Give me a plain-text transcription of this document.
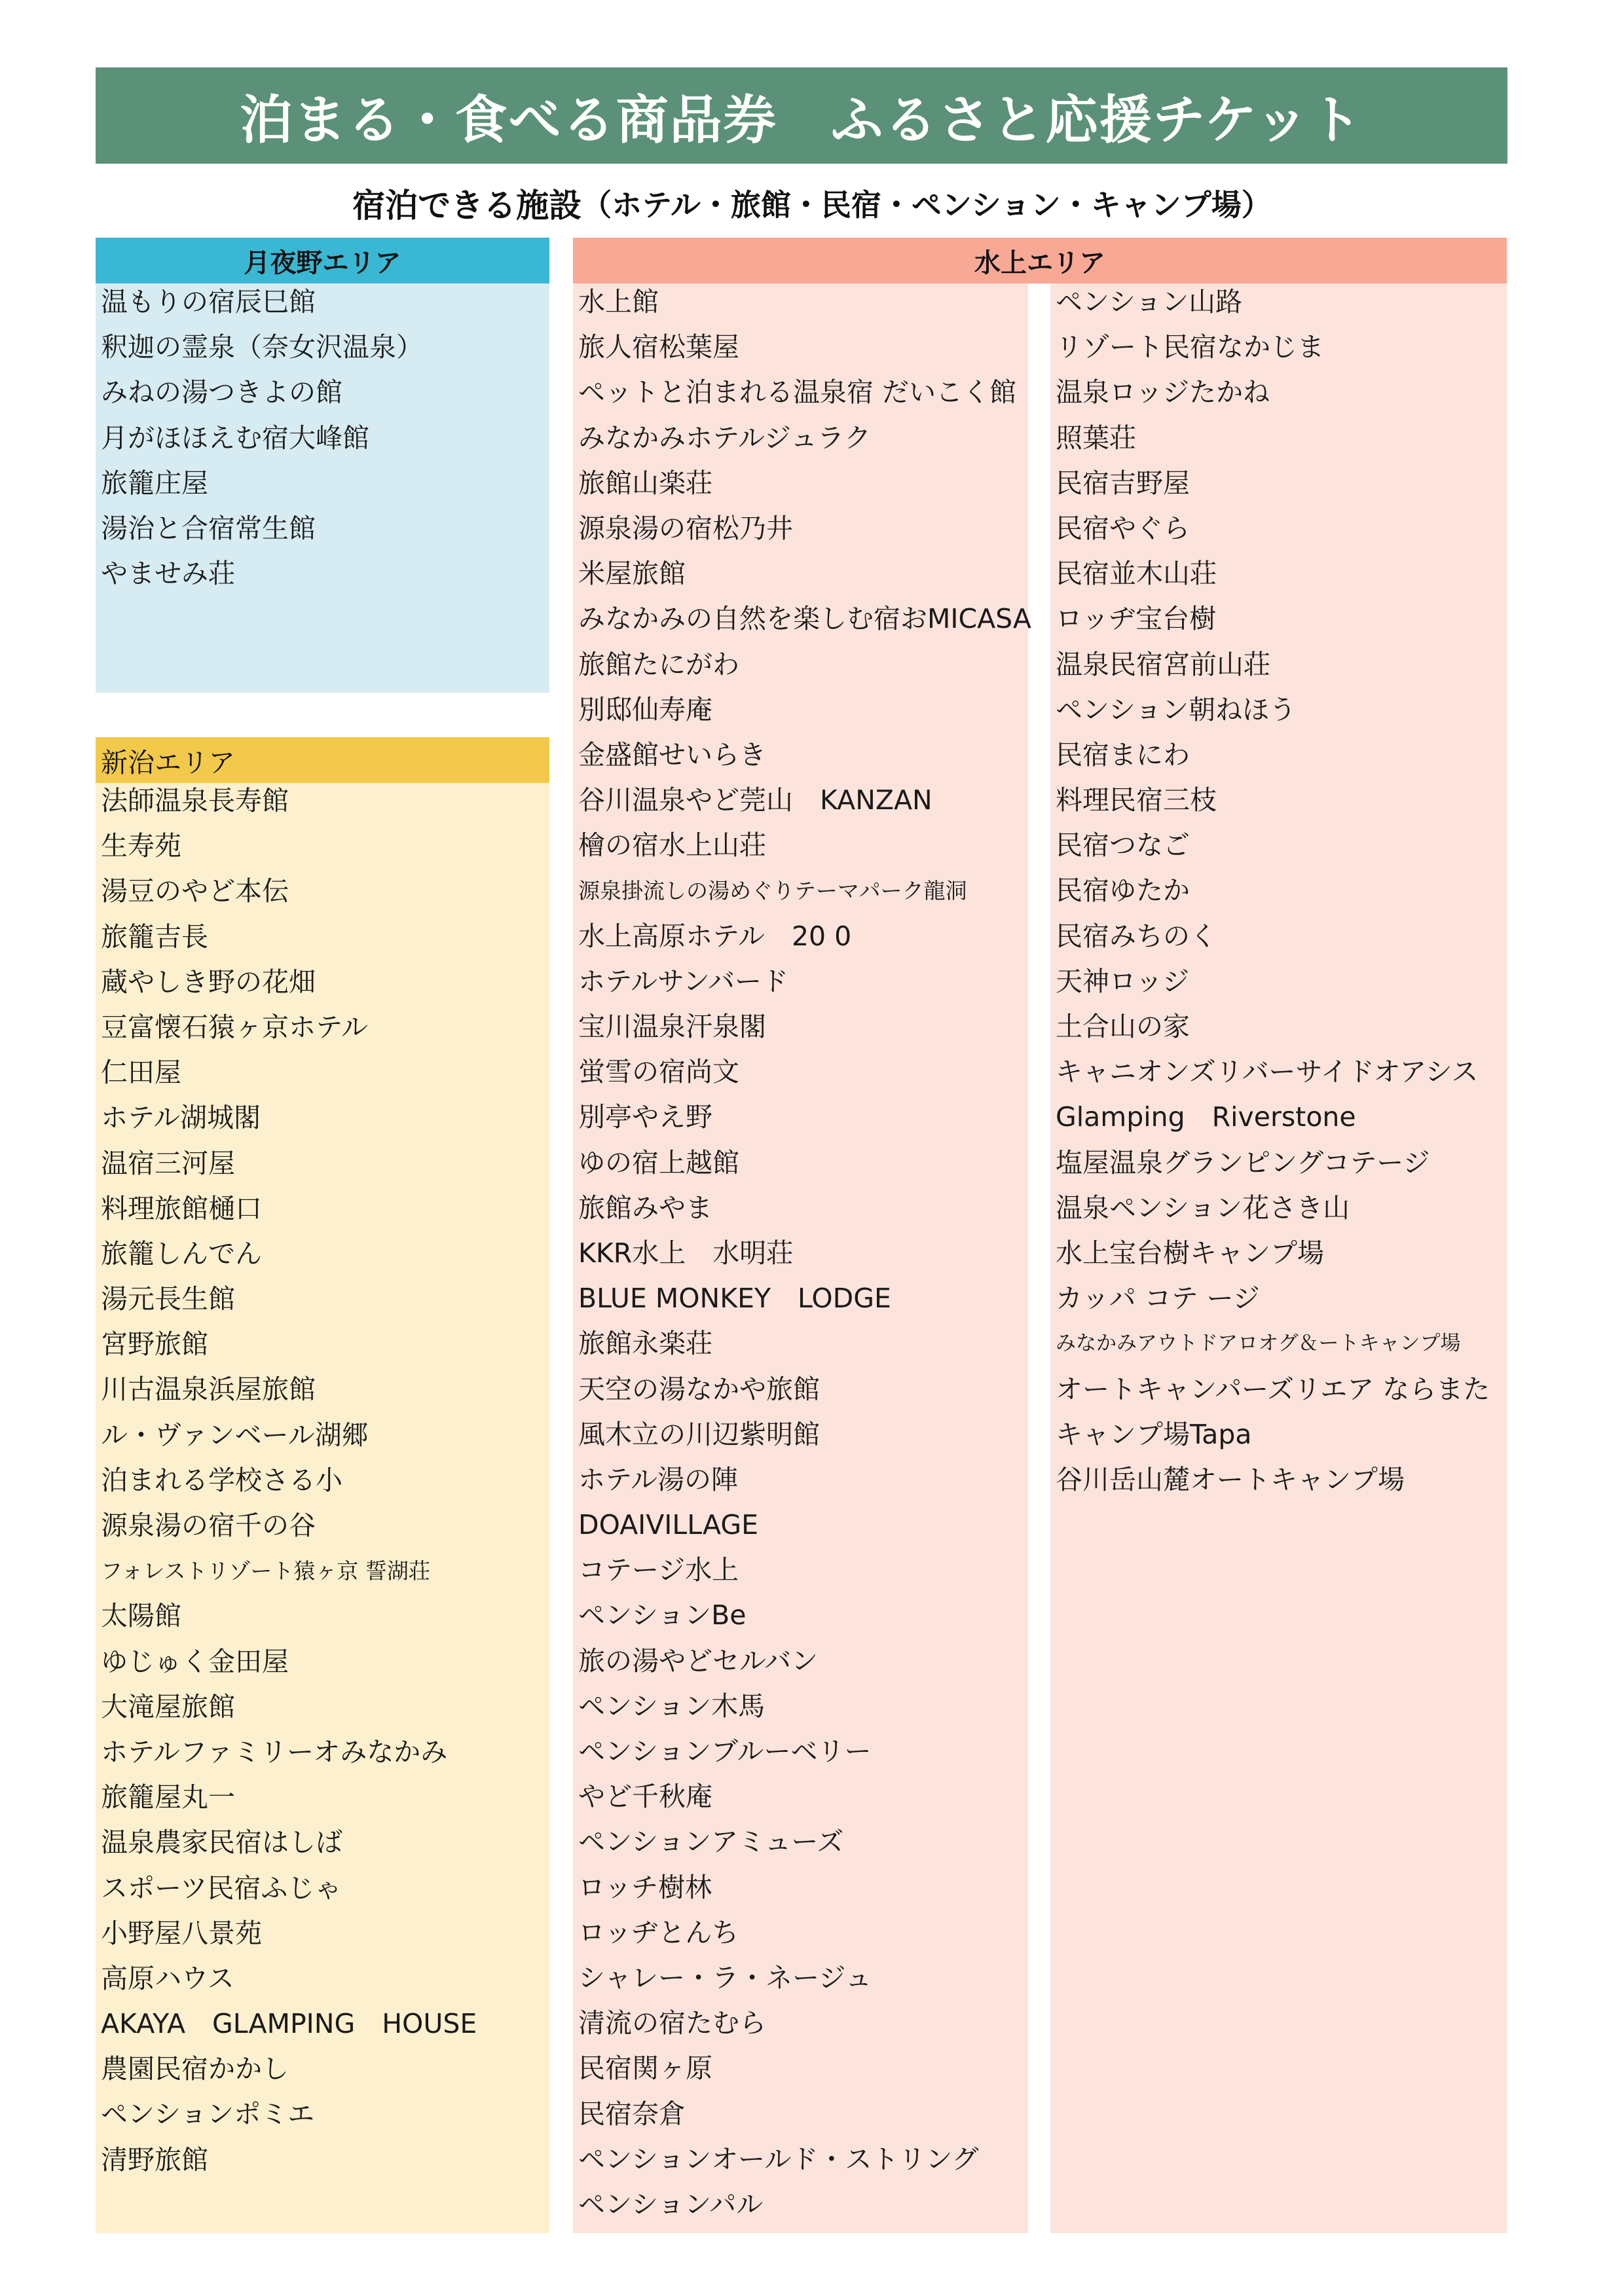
泊まる・食べる商品券　ふるさと応援チケット
宿泊できる施設 （ホテル・旅館・民宿・ペンション・キャンプ場）
月夜野エリア
温もりの宿辰巳館
釈迦の霊泉（奈女沢温泉）
みねの湯つきよの館
月がほほえむ宿大峰館
旅籠庄屋
湯治と合宿常生館
やませみ荘
新治エリア
法師温泉長寿館
生寿苑
湯豆のやど本伝
旅籠吉長
蔵やしき野の花畑
豆富懐石猿ヶ京ホテル
仁田屋
ホテル湖城閣
温宿三河屋
料理旅館樋口
旅籠しんでん
湯元長生館
宮野旅館
川古温泉浜屋旅館
ル・ヴァンベール湖郷
泊まれる学校さる小
源泉湯の宿千の谷
フォレストリゾート猿ヶ京 誓湖荘
太陽館
ゆじゅく金田屋
大滝屋旅館
ホテルファミリーオみなかみ
旅籠屋丸一
温泉農家民宿はしば
スポーツ民宿ふじゃ
小野屋八景苑
高原ハウス
AKAYA　GLAMPING　HOUSE
農園民宿かかし
ペンションポミエ
清野旅館
水上エリア
水上館
旅人宿松葉屋
ペットと泊まれる温泉宿 だいこく館
みなかみホテルジュラク
旅館山楽荘
源泉湯の宿松乃井
米屋旅館
みなかみの自然を楽しむ宿おMICASA
旅館たにがわ
別邸仙寿庵
金盛館せいらき
谷川温泉やど莞山　KANZAN
檜の宿水上山荘
源泉掛流しの湯めぐりテーマパーク龍洞
水上高原ホテル　20 0
ホテルサンバード
宝川温泉汗泉閣
蛍雪の宿尚文
別亭やえ野
ゆの宿上越館
旅館みやま
KKR水上　水明荘
BLUE MONKEY　LODGE
旅館永楽荘
天空の湯なかや旅館
風木立の川辺紫明館
ホテル湯の陣
DOAIVILLAGE
コテージ水上
ペンションBe
旅の湯やどセルバン
ペンション木馬
ペンションブルーベリー
やど千秋庵
ペンションアミューズ
ロッチ樹林
ロッヂとんち
シャレー・ラ・ネージュ
清流の宿たむら
民宿関ヶ原
民宿奈倉
ペンションオールド・ストリング
ペンションパル
ペンション山路
リゾート民宿なかじま
温泉ロッジたかね
照葉荘
民宿吉野屋
民宿やぐら
民宿並木山荘
ロッヂ宝台樹
温泉民宿宮前山荘
ペンション朝ねほう
民宿まにわ
料理民宿三枝
民宿つなご
民宿ゆたか
民宿みちのく
天神ロッジ
土合山の家
キャニオンズリバーサイドオアシス
Glamping　Riverstone
塩屋温泉グランピングコテージ
温泉ペンション花さき山
水上宝台樹キャンプ場
カッパ コテ ージ
みなかみアウトドアロオグ＆ートキャンプ場
オートキャンパーズリエア ならまた
キャンプ場Tapa
谷川岳山麓オートキャンプ場
